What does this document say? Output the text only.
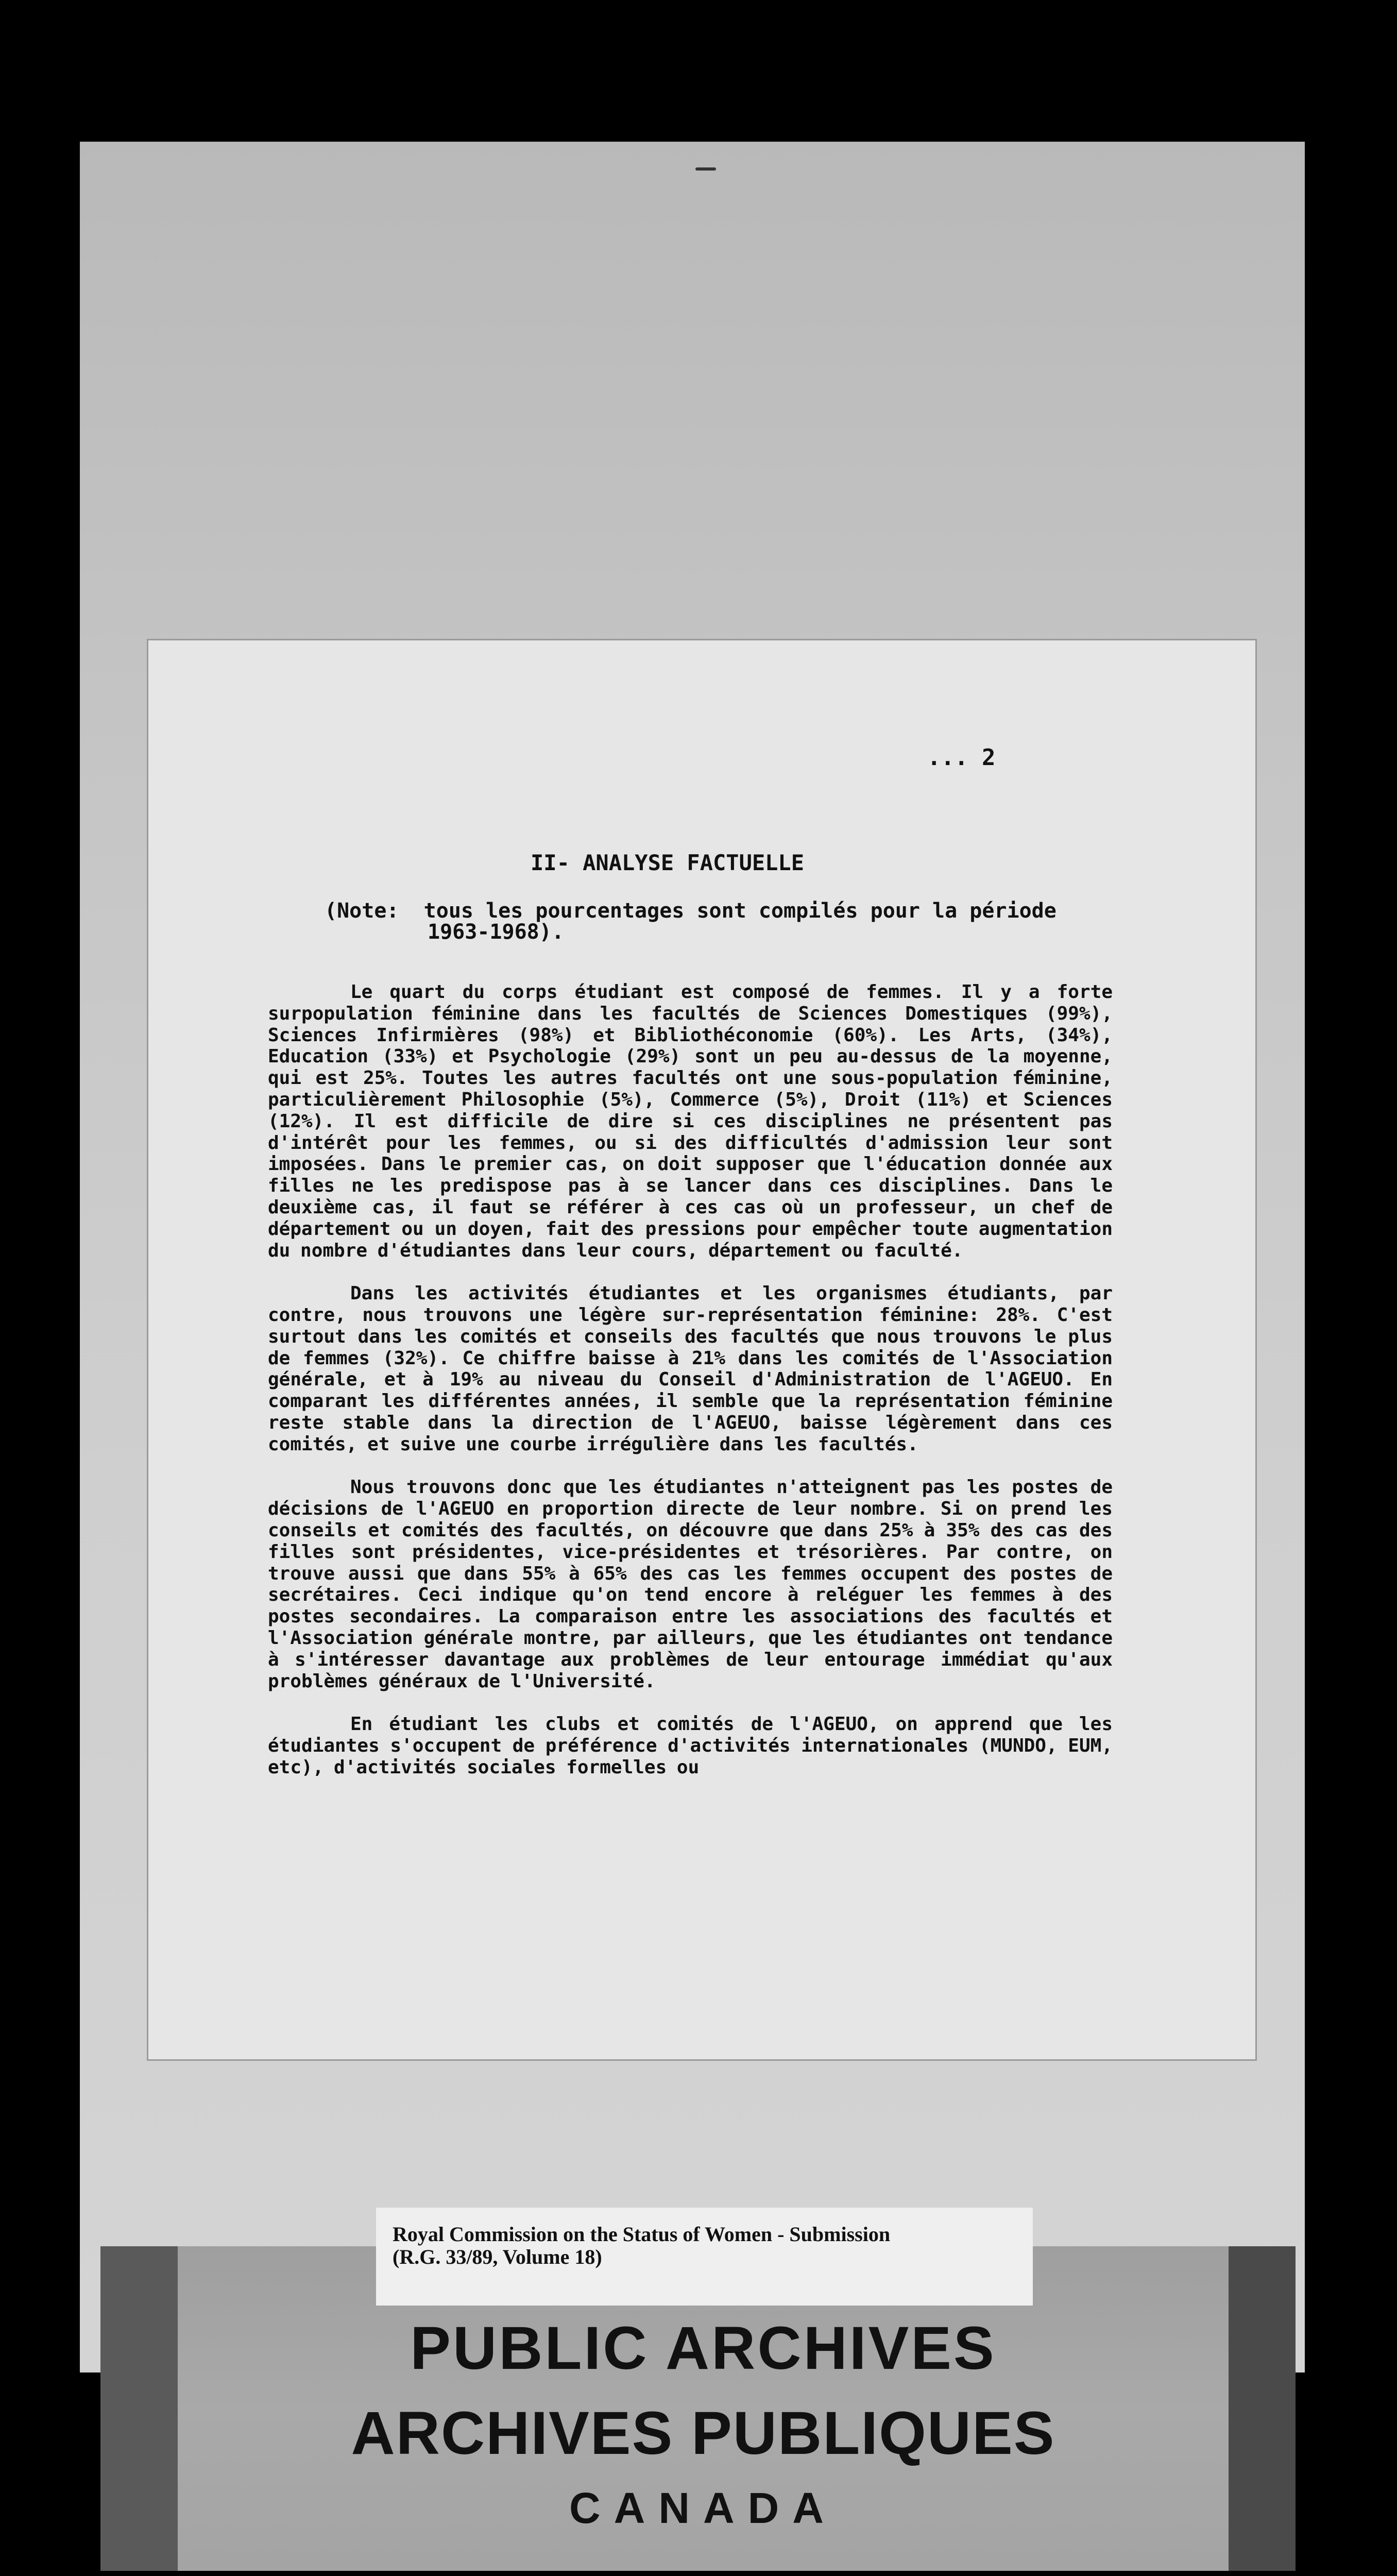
... 2
II- ANALYSE FACTUELLE
(Note:  tous les pourcentages sont compilés pour la période
1963-1968).

Le quart du corps étudiant est composé de femmes. Il y a forte surpopulation féminine dans les facultés de Sciences Domestiques (99%), Sciences Infirmières (98%) et Bibliothéconomie (60%). Les Arts, (34%), Education (33%) et Psychologie (29%) sont un peu au-dessus de la moyenne, qui est 25%. Toutes les autres facultés ont une sous-population féminine, particulièrement Philosophie (5%), Commerce (5%), Droit (11%) et Sciences (12%). Il est difficile de dire si ces disciplines ne présentent pas d'intérêt pour les femmes, ou si des difficultés d'admission leur sont imposées. Dans le premier cas, on doit supposer que l'éducation donnée aux filles ne les predispose pas à se lancer dans ces disciplines. Dans le deuxième cas, il faut se référer à ces cas où un professeur, un chef de département ou un doyen, fait des pressions pour empêcher toute augmentation du nombre d'étudiantes dans leur cours, département ou faculté.

Dans les activités étudiantes et les organismes étudiants, par contre, nous trouvons une légère sur-représentation féminine: 28%. C'est surtout dans les comités et conseils des facultés que nous trouvons le plus de femmes (32%). Ce chiffre baisse à 21% dans les comités de l'Association générale, et à 19% au niveau du Conseil d'Administration de l'AGEUO. En comparant les différentes années, il semble que la représentation féminine reste stable dans la direction de l'AGEUO, baisse légèrement dans ces comités, et suive une courbe irrégulière dans les facultés.

Nous trouvons donc que les étudiantes n'atteignent pas les postes de décisions de l'AGEUO en proportion directe de leur nombre. Si on prend les conseils et comités des facultés, on découvre que dans 25% à 35% des cas des filles sont présidentes, vice-présidentes et trésorières. Par contre, on trouve aussi que dans 55% à 65% des cas les femmes occupent des postes de secrétaires. Ceci indique qu'on tend encore à reléguer les femmes à des postes secondaires. La comparaison entre les associations des facultés et l'Association générale montre, par ailleurs, que les étudiantes ont tendance à s'intéresser davantage aux problèmes de leur entourage immédiat qu'aux problèmes généraux de l'Université.

En étudiant les clubs et comités de l'AGEUO, on apprend que les étudiantes s'occupent de préférence d'activités internationales (MUNDO, EUM, etc), d'activités sociales formelles ou

Royal Commission on the Status of Women - Submission
(R.G. 33/89, Volume 18)
PUBLIC ARCHIVES
ARCHIVES PUBLIQUES
CANADA
